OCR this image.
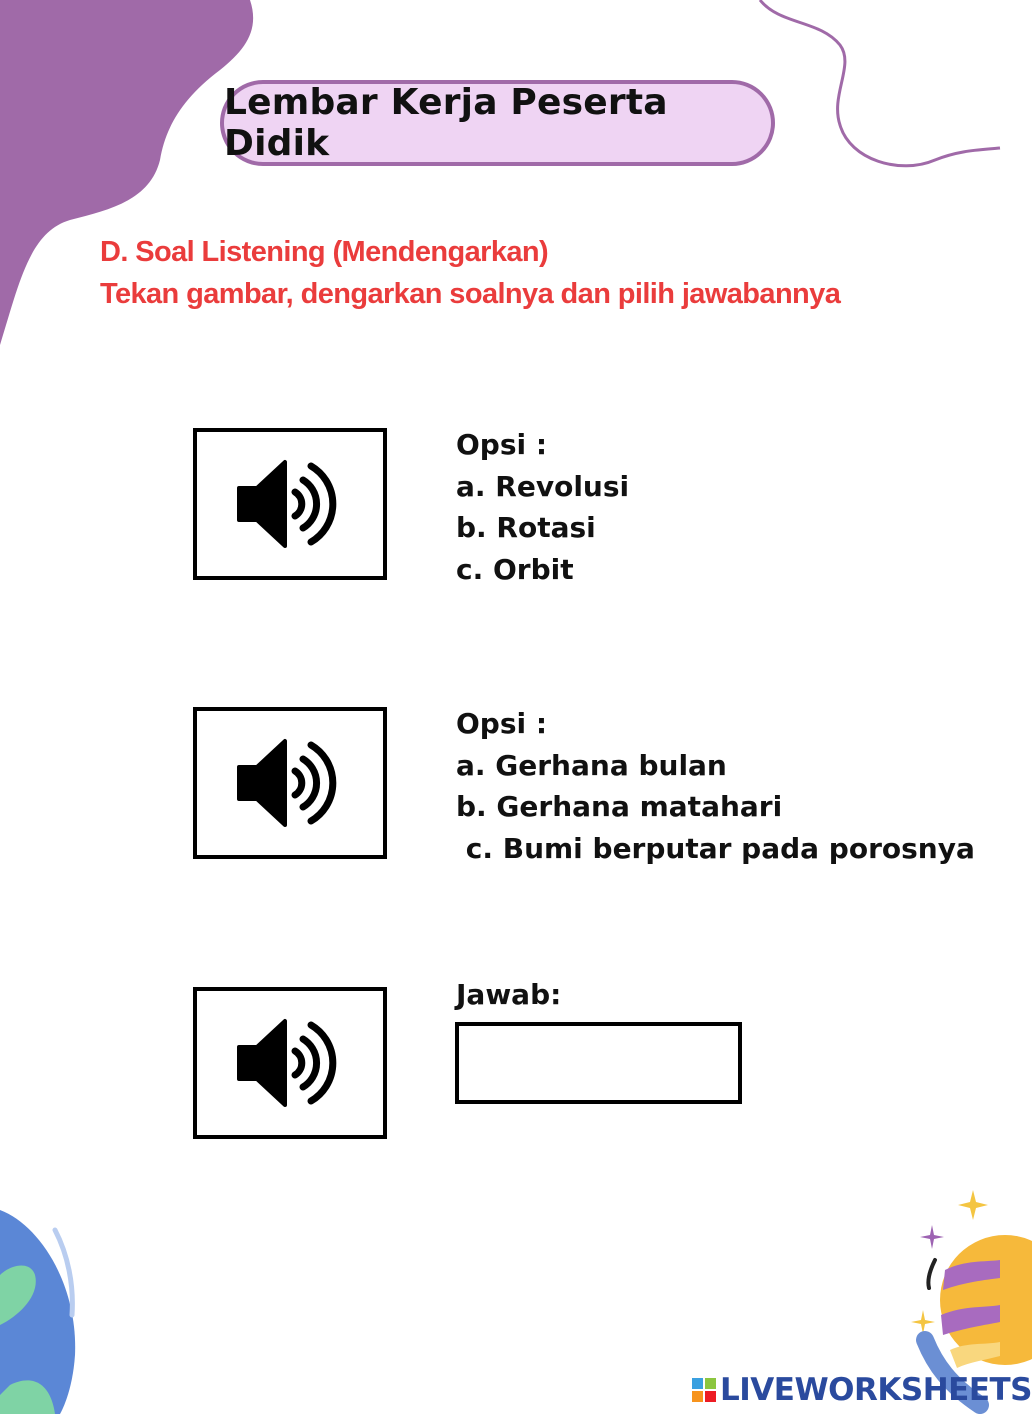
Lembar Kerja Peserta Didik
D. Soal Listening (Mendengarkan)
Tekan gambar, dengarkan soalnya dan pilih jawabannya
Opsi :
a. Revolusi
b. Rotasi
c. Orbit
Opsi :
a. Gerhana bulan
b. Gerhana matahari
c. Bumi berputar pada porosnya
Jawab:
LIVEWORKSHEETS
